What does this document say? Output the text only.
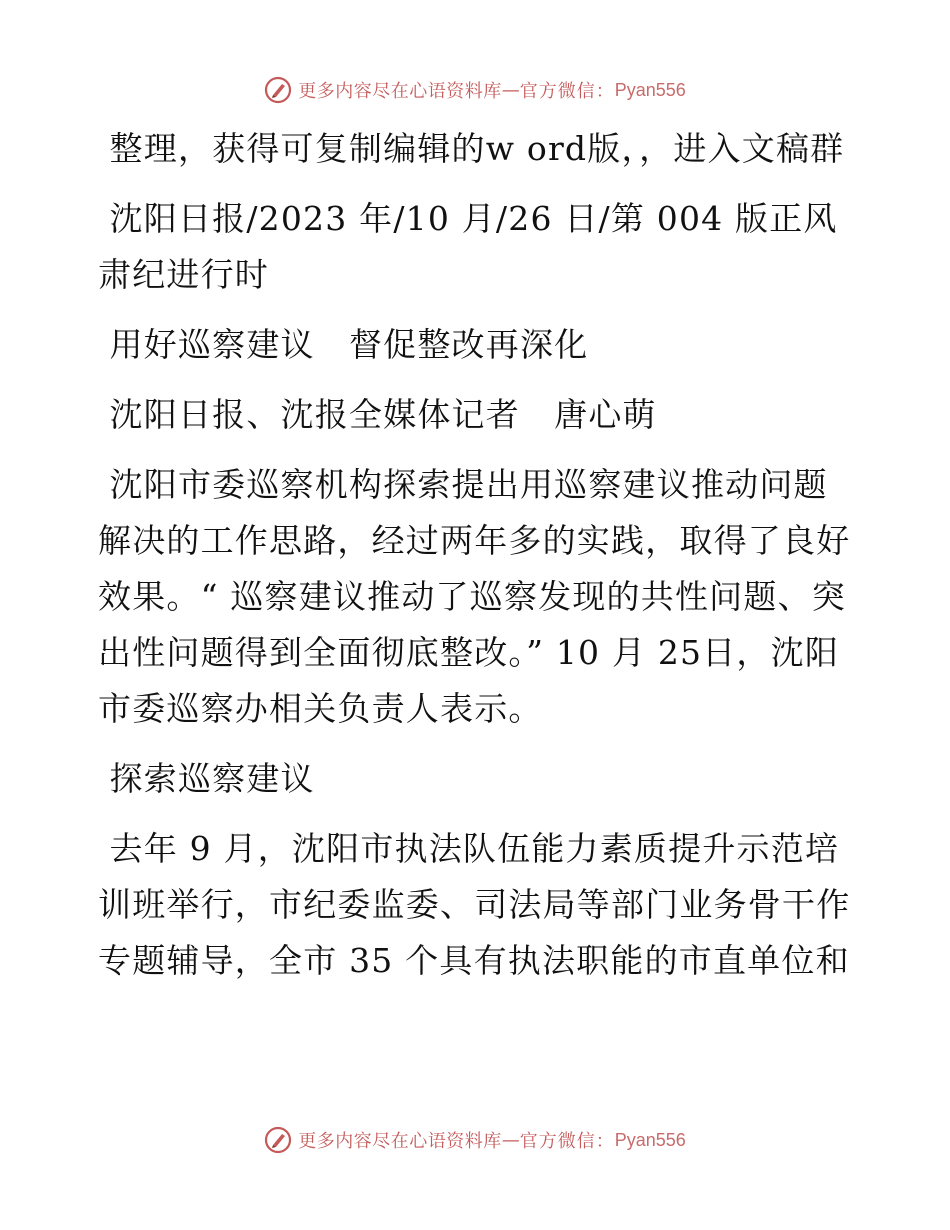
更多内容尽在心语资料库 — 官方微信： Pyan556

整理，获得可复制编辑的w ord版，，进入文稿群

沈阳日报/2023 年/10 月/26 日/第 004 版正风肃纪进行时

用好巡察建议　督促整改再深化

沈阳日报、沈报全媒体记者　唐心萌

沈阳市委巡察机构探索提出用巡察建议推动问题解决的工作思路，经过两年多的实践，取得了良好效果。“ 巡察建议推动了巡察发现的共性问题、突出性问题得到全面彻底整改。” 10 月 25日，沈阳市委巡察办相关负责人表示。

探索巡察建议

去年 9 月，沈阳市执法队伍能力素质提升示范培训班举行，市纪委监委、司法局等部门业务骨干作专题辅导，全市 35 个具有执法职能的市直单位和

更多内容尽在心语资料库 — 官方微信： Pyan556
